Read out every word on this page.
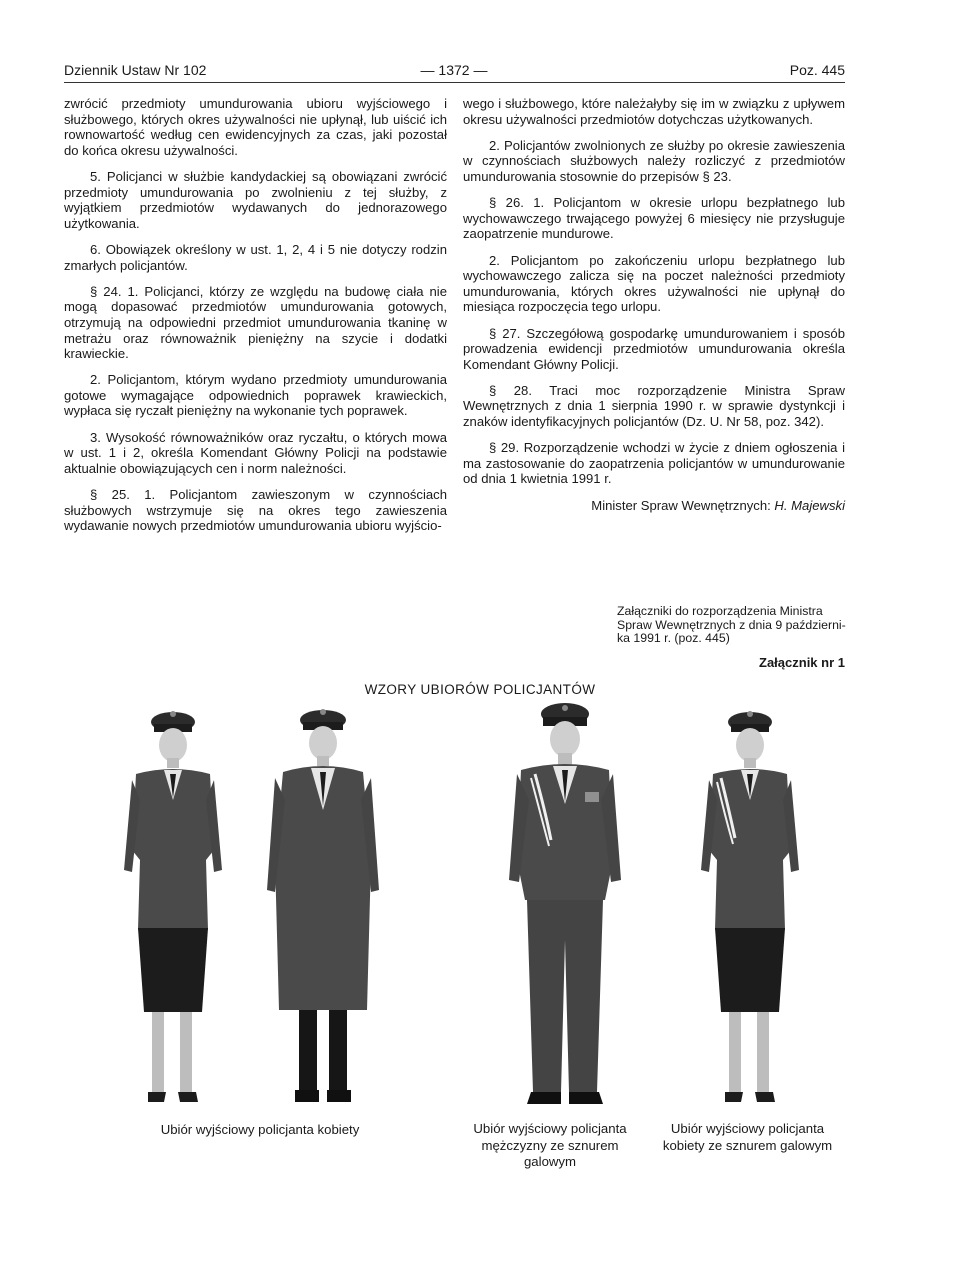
Dziennik Ustaw Nr 102	— 1372 —	Poz. 445

zwrócić przedmioty umundurowania ubioru wyjściowego i służbowego, których okres używalności nie upłynął, lub uiścić ich rownowartość według cen ewidencyjnych za czas, jaki pozostał do końca okresu używalności.

5. Policjanci w służbie kandydackiej są obowiązani zwrócić przedmioty umundurowania po zwolnieniu z tej służby, z wyjątkiem przedmiotów wydawanych do jednorazowego użytkowania.

6. Obowiązek określony w ust. 1, 2, 4 i 5 nie dotyczy rodzin zmarłych policjantów.

§ 24. 1. Policjanci, którzy ze względu na budowę ciała nie mogą dopasować przedmiotów umundurowania gotowych, otrzymują na odpowiedni przedmiot umundurowania tkaninę w metrażu oraz równoważnik pieniężny na szycie i dodatki krawieckie.

2. Policjantom, którym wydano przedmioty umundurowania gotowe wymagające odpowiednich poprawek krawieckich, wypłaca się ryczałt pieniężny na wykonanie tych poprawek.

3. Wysokość równoważników oraz ryczałtu, o których mowa w ust. 1 i 2, określa Komendant Główny Policji na podstawie aktualnie obowiązujących cen i norm należności.

§ 25. 1. Policjantom zawieszonym w czynnościach służbowych wstrzymuje się na okres tego zawieszenia wydawanie nowych przedmiotów umundurowania ubioru wyjścio-

wego i służbowego, które należałyby się im w związku z upływem okresu używalności przedmiotów dotychczas użytkowanych.

2. Policjantów zwolnionych ze służby po okresie zawieszenia w czynnościach służbowych należy rozliczyć z przedmiotów umundurowania stosownie do przepisów § 23.

§ 26. 1. Policjantom w okresie urlopu bezpłatnego lub wychowawczego trwającego powyżej 6 miesięcy nie przysługuje zaopatrzenie mundurowe.

2. Policjantom po zakończeniu urlopu bezpłatnego lub wychowawczego zalicza się na poczet należności przedmioty umundurowania, których okres używalności nie upłynął do miesiąca rozpoczęcia tego urlopu.

§ 27. Szczegółową gospodarkę umundurowaniem i sposób prowadzenia ewidencji przedmiotów umundurowania określa Komendant Główny Policji.

§ 28. Traci moc rozporządzenie Ministra Spraw Wewnętrznych z dnia 1 sierpnia 1990 r. w sprawie dystynkcji i znaków identyfikacyjnych policjantów (Dz. U. Nr 58, poz. 342).

§ 29. Rozporządzenie wchodzi w życie z dniem ogłoszenia i ma zastosowanie do zaopatrzenia policjantów w umundurowanie od dnia 1 kwietnia 1991 r.

Minister Spraw Wewnętrznych: H. Majewski

Załączniki do rozporządzenia Ministra Spraw Wewnętrznych z dnia 9 październi-ka 1991 r. (poz. 445)
Załącznik nr 1
WZORY UBIORÓW POLICJANTÓW
Ubiór wyjściowy policjanta kobiety	Ubiór wyjściowy policjanta mężczyzny ze sznurem galowym
Ubiór wyjściowy policjanta kobiety ze sznurem galowym
